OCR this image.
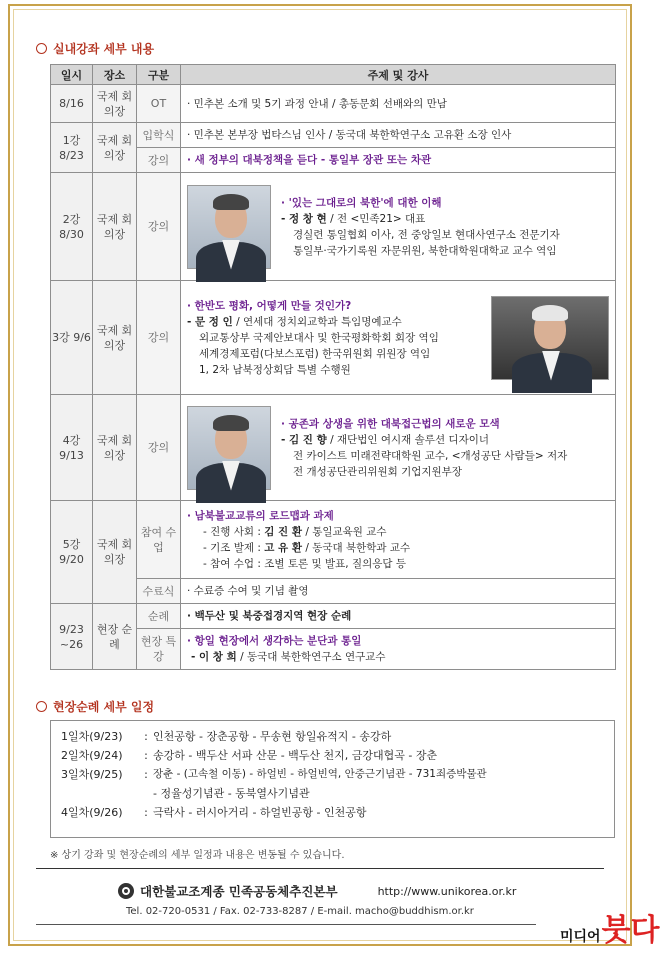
실내강좌 세부 내용
일시	장소	구분	주제 및 강사
8/16	국제 회의장	OT	· 민추본 소개 및 5기 과정 안내 / 총동문회 선배와의 만남

1강 8/23	국제 회의장	입학식	· 민추본 본부장 법타스님 인사 / 동국대 북한학연구소 고유환 소장 인사

		강의	· 새 정부의 대북정책을 듣다 - 통일부 장관 또는 차관

2강 8/30	국제 회의장	강의	· '있는 그대로의 북한'에 대한 이해
- 정 창 현 / 전 <민족21> 대표
경실련 통일협회 이사, 전 중앙일보 현대사연구소 전문기자
통일부·국가기록원 자문위원, 북한대학원대학교 교수 역임

3강 9/6	국제 회의장	강의	· 한반도 평화, 어떻게 만들 것인가?
- 문 정 인 / 연세대 정치외교학과 특임명예교수
외교통상부 국제안보대사 및 한국평화학회 회장 역임
세계경제포럼(다보스포럼) 한국위원회 위원장 역임
1, 2차 남북정상회담 특별 수행원

4강 9/13	국제 회의장	강의	· 공존과 상생을 위한 대북접근법의 새로운 모색
- 김 진 향 / 재단법인 여시재 솔루션 디자이너
전 카이스트 미래전략대학원 교수, <개성공단 사람들> 저자
전 개성공단관리위원회 기업지원부장

5강 9/20	국제 회의장	참여 수업	· 남북불교교류의 로드맵과 과제
- 진행 사회 : 김 진 환 / 통일교육원 교수
- 기조 발제 : 고 유 환 / 동국대 북한학과 교수
- 참여 수업 : 조별 토론 및 발표, 질의응답 등

		수료식	· 수료증 수여 및 기념 촬영

9/23 ~26	현장 순례	순례	· 백두산 및 북중접경지역 현장 순례

		현장 특강	· 항일 현장에서 생각하는 분단과 통일
- 이 창 희 / 동국대 북한학연구소 연구교수
현장순례 세부 일정
1일차(9/23)	: 인천공항 - 장춘공항 - 무송현 항일유적지 - 송강하
2일차(9/24)	: 송강하 - 백두산 서파 산문 - 백두산 천지, 금강대협곡 - 장춘
3일차(9/25)	: 장춘 - (고속철 이동) - 하얼빈 - 하얼빈역, 안중근기념관 - 731죄증박물관
- 정율성기념관 - 동북열사기념관
4일차(9/26)	: 극락사 - 러시아거리 - 하얼빈공항 - 인천공항
※ 상기 강좌 및 현장순례의 세부 일정과 내용은 변동될 수 있습니다.
대한불교조계종 민족공동체추진본부	http://www.unikorea.or.kr
Tel. 02-720-0531 / Fax. 02-733-8287 / E-mail. macho@buddhism.or.kr
미디어 붓다
